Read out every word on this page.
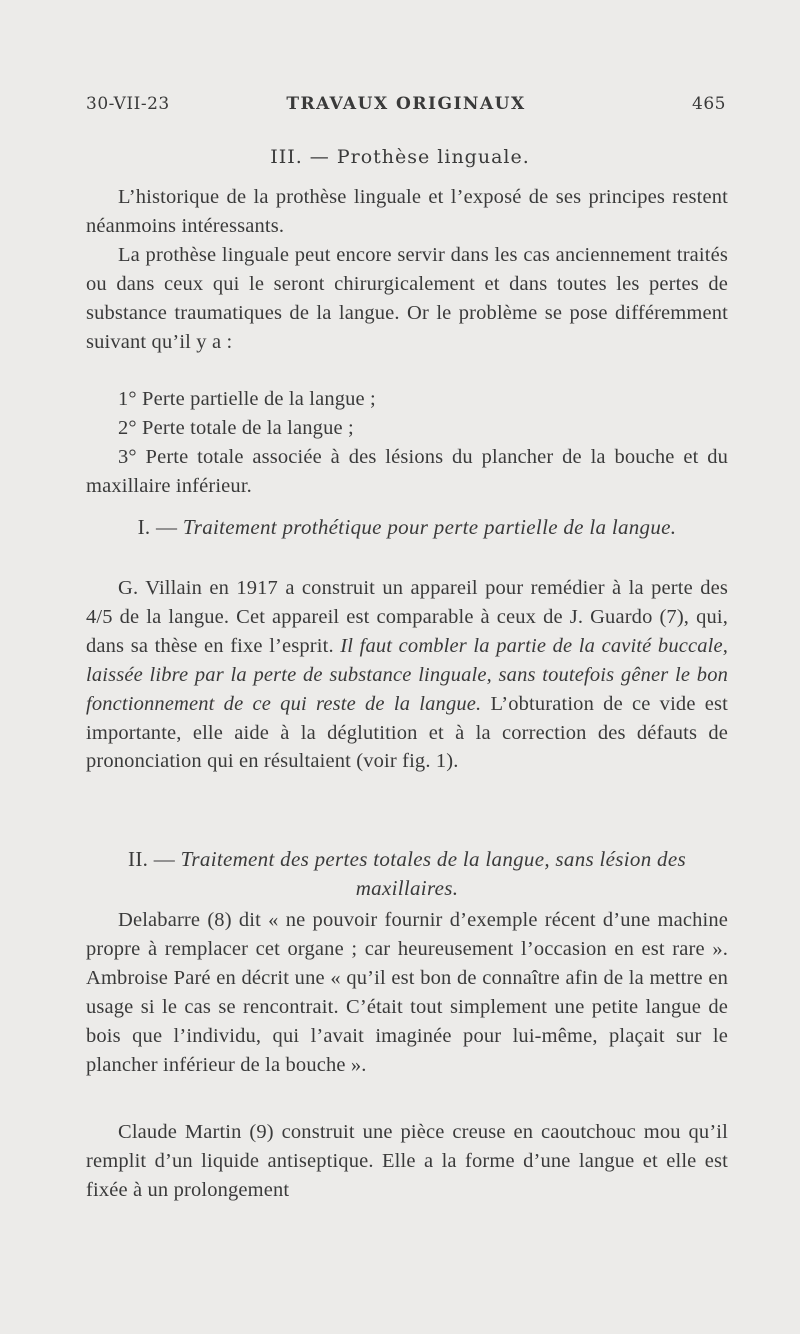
30-VII-23	TRAVAUX ORIGINAUX	465
III. — Prothèse linguale.

L’historique de la prothèse linguale et l’exposé de ses principes restent néanmoins intéressants.

La prothèse linguale peut encore servir dans les cas anciennement traités ou dans ceux qui le seront chirurgicalement et dans toutes les pertes de substance traumatiques de la langue. Or le problème se pose différemment suivant qu’il y a :

1° Perte partielle de la langue ;
2° Perte totale de la langue ;
3° Perte totale associée à des lésions du plancher de la bouche et du maxillaire inférieur.
I. — Traitement prothétique pour perte partielle de la langue.

G. Villain en 1917 a construit un appareil pour remédier à la perte des 4/5 de la langue. Cet appareil est comparable à ceux de J. Guardo (7), qui, dans sa thèse en fixe l’esprit. Il faut combler la partie de la cavité buccale, laissée libre par la perte de substance linguale, sans toutefois gêner le bon fonctionnement de ce qui reste de la langue. L’obturation de ce vide est importante, elle aide à la déglutition et à la correction des défauts de prononciation qui en résultaient (voir fig. 1).

II. — Traitement des pertes totales de la langue, sans lésion des maxillaires.

Delabarre (8) dit « ne pouvoir fournir d’exemple récent d’une machine propre à remplacer cet organe ; car heureusement l’occasion en est rare ». Ambroise Paré en décrit une « qu’il est bon de connaître afin de la mettre en usage si le cas se rencontrait. C’était tout simplement une petite langue de bois que l’individu, qui l’avait imaginée pour lui-même, plaçait sur le plancher inférieur de la bouche ».

Claude Martin (9) construit une pièce creuse en caoutchouc mou qu’il remplit d’un liquide antiseptique. Elle a la forme d’une langue et elle est fixée à un prolongement
